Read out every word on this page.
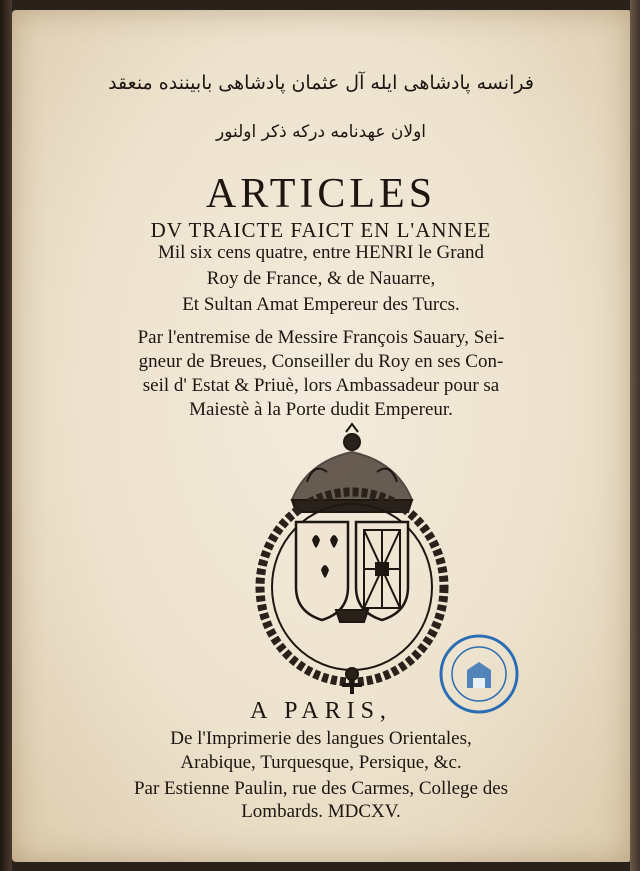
فرانسه پادشاهی ایله آل عثمان پادشاهی بابیننده منعقد
اولان عهدنامه درکه ذکر اولنور
ARTICLES
DV TRAICTE FAICT EN L'ANNEE
Mil six cens quatre, entre HENRI le Grand
Roy de France, & de Nauarre,
Et Sultan Amat Empereur des Turcs.
Par l'entremise de Messire François Sauary, Sei-
gneur de Breues, Conseiller du Roy en ses Con-
seil d' Estat & Priuè, lors Ambassadeur pour sa
Maiestè à la Porte dudit Empereur.
A PARIS,
De l'Imprimerie des langues Orientales,
Arabique, Turquesque, Persique, &c.
Par Estienne Paulin, rue des Carmes, College des
Lombards. MDCXV.
